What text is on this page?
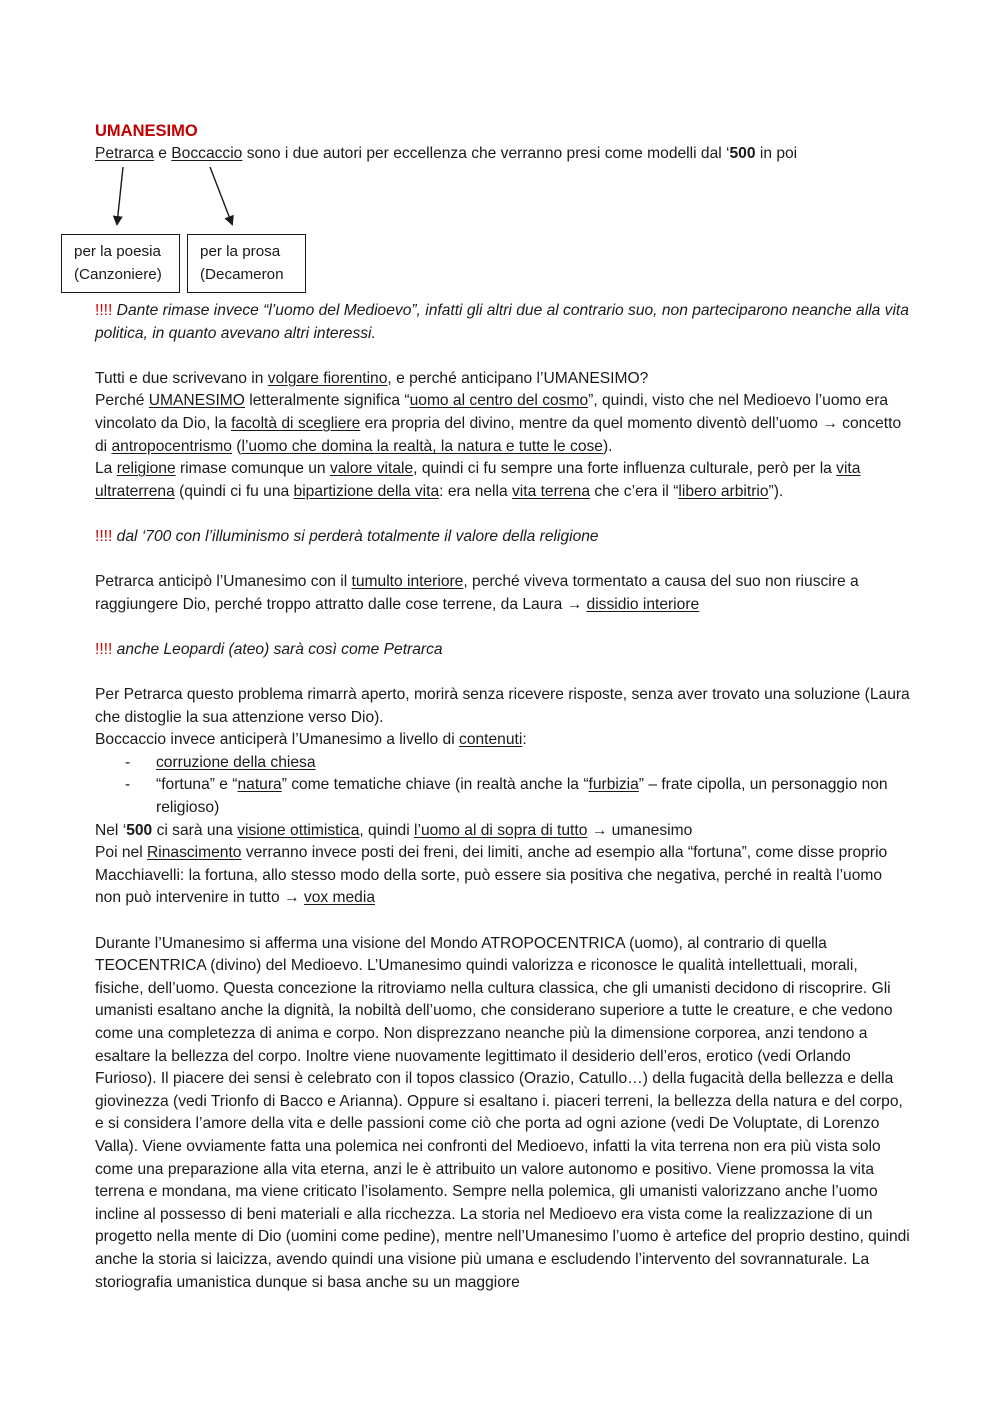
UMANESIMO

Petrarca e Boccaccio sono i due autori per eccellenza che verranno presi come modelli dal ‘500 in poi

per la poesia
(Canzoniere)
per la prosa
(Decameron

!!!! Dante rimase invece “l’uomo del Medioevo”, infatti gli altri due al contrario suo, non parteciparono neanche alla vita politica, in quanto avevano altri interessi.

Tutti e due scrivevano in volgare fiorentino, e perché anticipano l’UMANESIMO?

Perché UMANESIMO letteralmente significa “uomo al centro del cosmo”, quindi, visto che nel Medioevo l’uomo era vincolato da Dio, la facoltà di scegliere era propria del divino, mentre da quel momento diventò dell’uomo → concetto di antropocentrismo (l’uomo che domina la realtà, la natura e tutte le cose).

La religione rimase comunque un valore vitale, quindi ci fu sempre una forte influenza culturale, però per la vita ultraterrena (quindi ci fu una bipartizione della vita: era nella vita terrena che c’era il “libero arbitrio”).

!!!! dal ‘700 con l’illuminismo si perderà totalmente il valore della religione

Petrarca anticipò l’Umanesimo con il tumulto interiore, perché viveva tormentato a causa del suo non riuscire a raggiungere Dio, perché troppo attratto dalle cose terrene, da Laura → dissidio interiore

!!!! anche Leopardi (ateo) sarà così come Petrarca

Per Petrarca questo problema rimarrà aperto, morirà senza ricevere risposte, senza aver trovato una soluzione (Laura che distoglie la sua attenzione verso Dio).

Boccaccio invece anticiperà l’Umanesimo a livello di contenuti:

- corruzione della chiesa
- “fortuna” e “natura” come tematiche chiave (in realtà anche la “furbizia” – frate cipolla, un personaggio non religioso)

Nel ‘500 ci sarà una visione ottimistica, quindi l’uomo al di sopra di tutto → umanesimo

Poi nel Rinascimento verranno invece posti dei freni, dei limiti, anche ad esempio alla “fortuna”, come disse proprio Macchiavelli: la fortuna, allo stesso modo della sorte, può essere sia positiva che negativa, perché in realtà l’uomo non può intervenire in tutto → vox media

Durante l’Umanesimo si afferma una visione del Mondo ATROPOCENTRICA (uomo), al contrario di quella TEOCENTRICA (divino) del Medioevo. L’Umanesimo quindi valorizza e riconosce le qualità intellettuali, morali, fisiche, dell’uomo. Questa concezione la ritroviamo nella cultura classica, che gli umanisti decidono di riscoprire. Gli umanisti esaltano anche la dignità, la nobiltà dell’uomo, che considerano superiore a tutte le creature, e che vedono come una completezza di anima e corpo. Non disprezzano neanche più la dimensione corporea, anzi tendono a esaltare la bellezza del corpo. Inoltre viene nuovamente legittimato il desiderio dell’eros, erotico (vedi Orlando Furioso). Il piacere dei sensi è celebrato con il topos classico (Orazio, Catullo…) della fugacità della bellezza e della giovinezza (vedi Trionfo di Bacco e Arianna). Oppure si esaltano i. piaceri terreni, la bellezza della natura e del corpo, e si considera l’amore della vita e delle passioni come ciò che porta ad ogni azione (vedi De Voluptate, di Lorenzo Valla). Viene ovviamente fatta una polemica nei confronti del Medioevo, infatti la vita terrena non era più vista solo come una preparazione alla vita eterna, anzi le è attribuito un valore autonomo e positivo. Viene promossa la vita terrena e mondana, ma viene criticato l’isolamento. Sempre nella polemica, gli umanisti valorizzano anche l’uomo incline al possesso di beni materiali e alla ricchezza. La storia nel Medioevo era vista come la realizzazione di un progetto nella mente di Dio (uomini come pedine), mentre nell’Umanesimo l’uomo è artefice del proprio destino, quindi anche la storia si laicizza, avendo quindi una visione più umana e escludendo l’intervento del sovrannaturale. La storiografia umanistica dunque si basa anche su un maggiore
